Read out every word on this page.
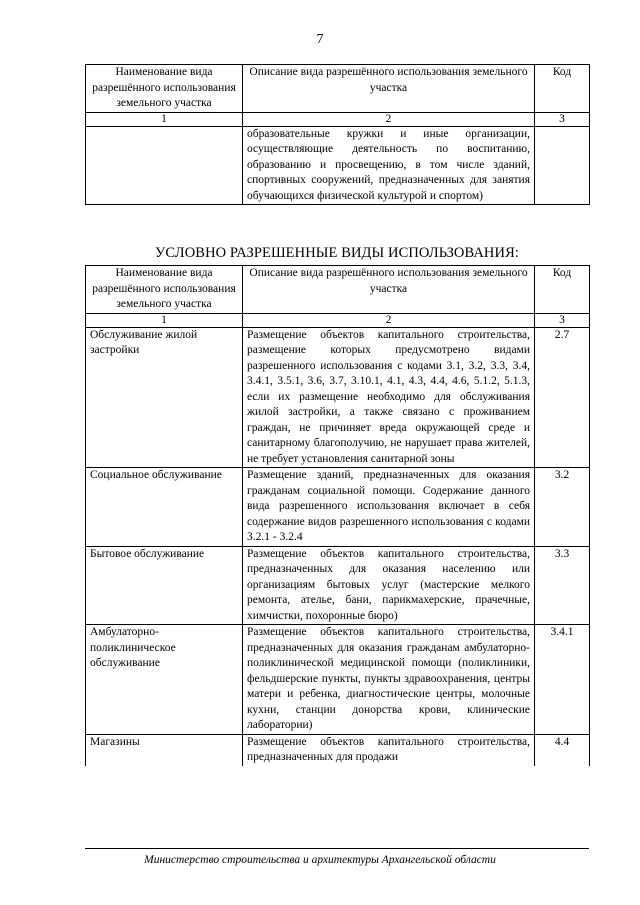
7
Наименование вида разрешённого использования земельного участка	Описание вида разрешённого использования земельного участка	Код
1	2	3
	образовательные кружки и иные организации, осуществляющие деятельность по воспитанию, образованию и просвещению, в том числе зданий, спортивных сооружений, предназначенных для занятия обучающихся физической культурой и спортом)	
УСЛОВНО РАЗРЕШЕННЫЕ ВИДЫ ИСПОЛЬЗОВАНИЯ:
Наименование вида разрешённого использования земельного участка	Описание вида разрешённого использования земельного участка	Код
1	2	3
Обслуживание жилой застройки	Размещение объектов капитального строительства, размещение которых предусмотрено видами разрешенного использования с кодами 3.1, 3.2, 3.3, 3.4, 3.4.1, 3.5.1, 3.6, 3.7, 3.10.1, 4.1, 4.3, 4.4, 4.6, 5.1.2, 5.1.3, если их размещение необходимо для обслуживания жилой застройки, а также связано с проживанием граждан, не причиняет вреда окружающей среде и санитарному благополучию, не нарушает права жителей, не требует установления санитарной зоны	2.7
Социальное обслуживание	Размещение зданий, предназначенных для оказания гражданам социальной помощи. Содержание данного вида разрешенного использования включает в себя содержание видов разрешенного использования с кодами 3.2.1 - 3.2.4	3.2
Бытовое обслуживание	Размещение объектов капитального строительства, предназначенных для оказания населению или организациям бытовых услуг (мастерские мелкого ремонта, ателье, бани, парикмахерские, прачечные, химчистки, похоронные бюро)	3.3
Амбулаторно-поликлиническое обслуживание	Размещение объектов капитального строительства, предназначенных для оказания гражданам амбулаторно-поликлинической медицинской помощи (поликлиники, фельдшерские пункты, пункты здравоохранения, центры матери и ребенка, диагностические центры, молочные кухни, станции донорства крови, клинические лаборатории)	3.4.1
Магазины	Размещение объектов капитального строительства, предназначенных для продажи	4.4
Министерство строительства и архитектуры Архангельской области
